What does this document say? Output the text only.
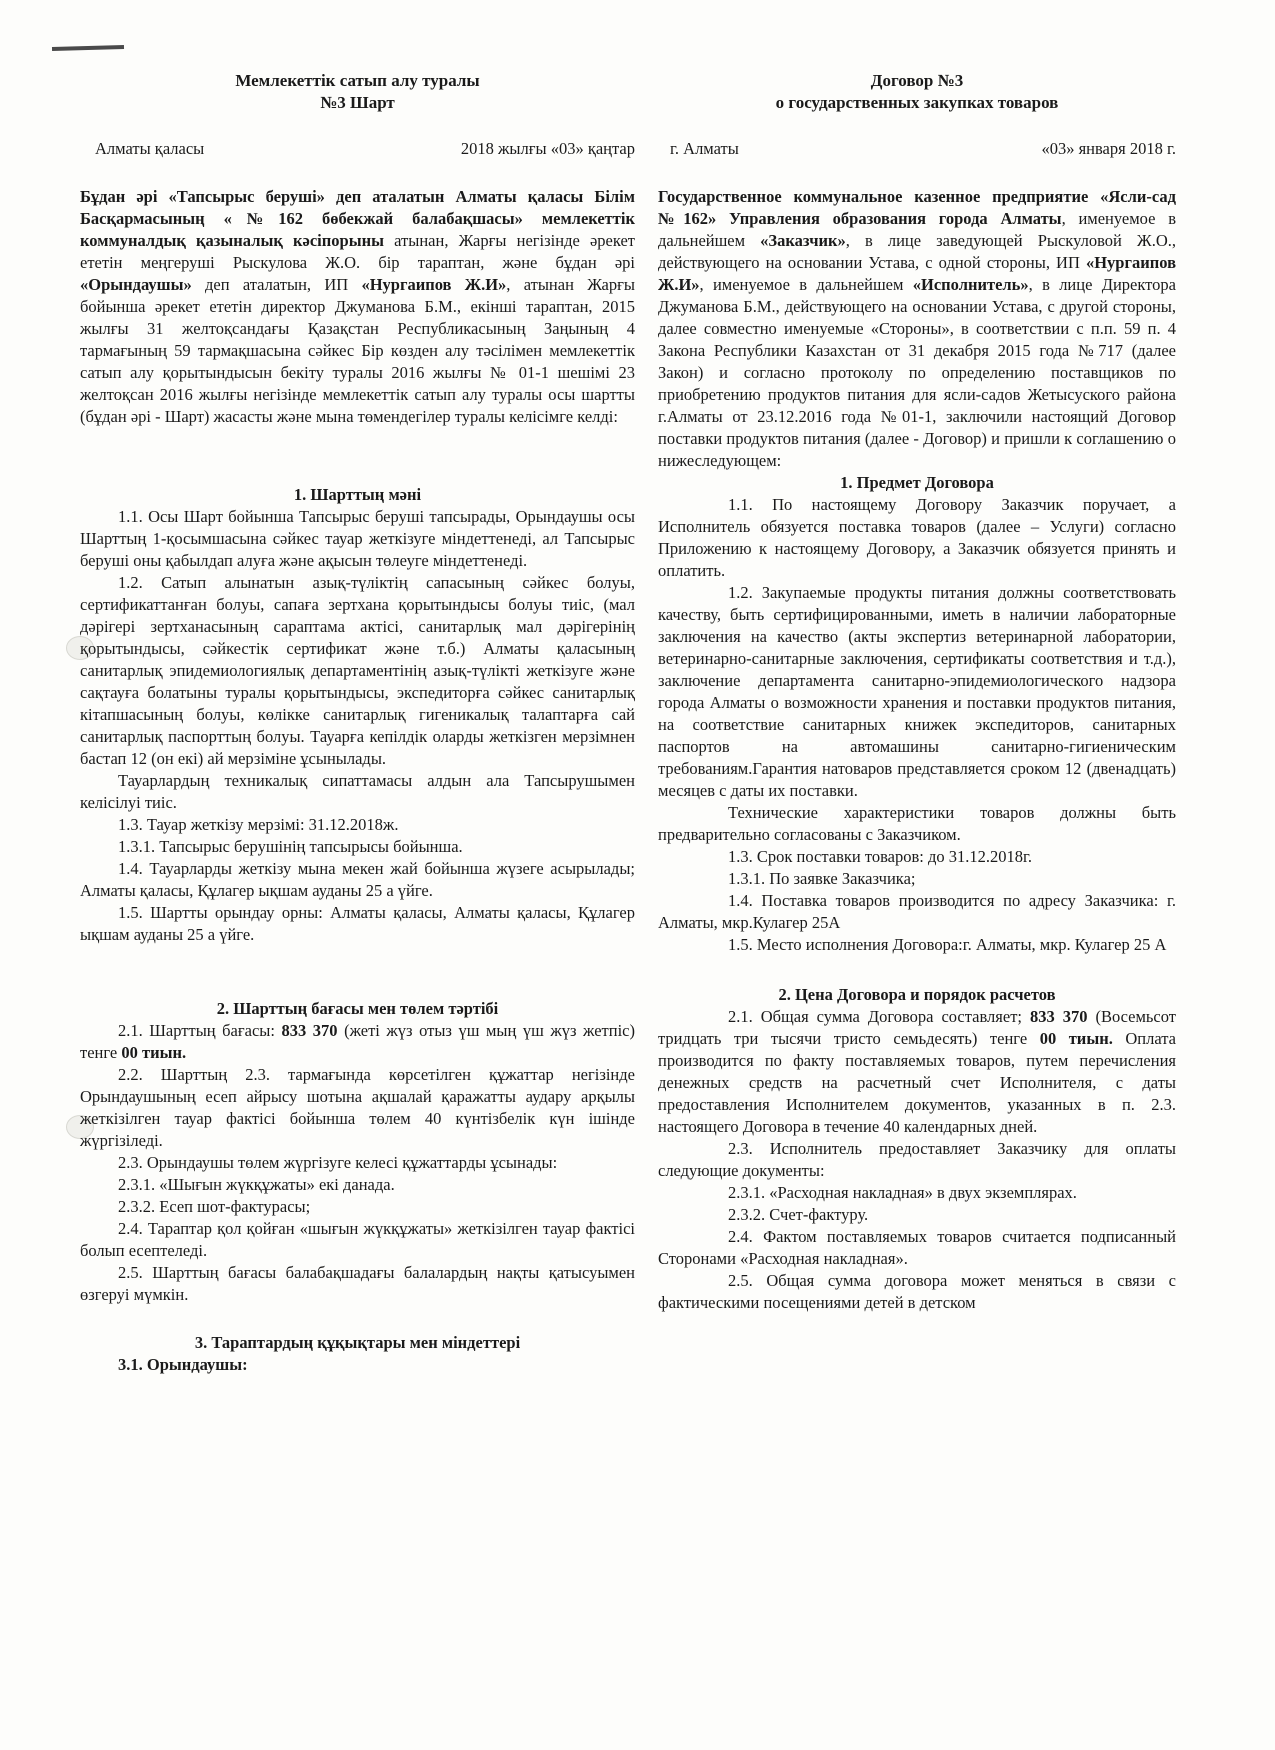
Мемлекеттік сатып алу туралы

№3 Шарт

Алматы қаласы	2018 жылғы «03» қаңтар

Бұдан әрі «Тапсырыс беруші» деп аталатын Алматы қаласы Білім Басқармасының «№162 бөбекжай балабақшасы» мемлекеттік коммуналдық қазыналық кәсіпорыны атынан, Жарғы негізінде әрекет ететін меңгеруші Рыскулова Ж.О. бір тараптан, және бұдан әрі «Орындаушы» деп аталатын, ИП «Нургаипов Ж.И», атынан Жарғы бойынша әрекет ететін директор Джуманова Б.М., екінші тараптан, 2015 жылғы 31 желтоқсандағы Қазақстан Республикасының Заңының 4 тармағының 59 тармақшасына сәйкес Бір көзден алу тәсілімен мемлекеттік сатып алу қорытындысын бекіту туралы 2016 жылғы № 01-1 шешімі 23 желтоқсан 2016 жылғы негізінде мемлекеттік сатып алу туралы осы шартты (бұдан әрі - Шарт) жасасты және мына төмендегілер туралы келісімге келді:

1. Шарттың мәні

1.1. Осы Шарт бойынша Тапсырыс беруші тапсырады, Орындаушы осы Шарттың 1-қосымшасына сәйкес тауар жеткізуге міндеттенеді, ал Тапсырыс беруші оны қабылдап алуға және ақысын төлеуге міндеттенеді.

1.2. Сатып алынатын азық-түліктің сапасының сәйкес болуы, сертификаттанған болуы, сапаға зертхана қорытындысы болуы тиіс, (мал дәрігері зертханасының сараптама актісі, санитарлық мал дәрігерінің қорытындысы, сәйкестік сертификат және т.б.) Алматы қаласының санитарлық эпидемиологиялық департаментінің азық-түлікті жеткізуге және сақтауға болатыны туралы қорытындысы, экспедиторға сәйкес санитарлық кітапшасының болуы, көлікке санитарлық гигеникалық талаптарға сай санитарлық паспорттың болуы. Тауарға кепілдік оларды жеткізген мерзімнен бастап 12 (он екі) ай мерзіміне ұсынылады.

Тауарлардың техникалық сипаттамасы алдын ала Тапсырушымен келісілуі тиіс.

1.3. Тауар жеткізу мерзімі: 31.12.2018ж.

1.3.1. Тапсырыс берушінің тапсырысы бойынша.

1.4. Тауарларды жеткізу мына мекен жай бойынша жүзеге асырылады; Алматы қаласы, Құлагер ықшам ауданы 25 а үйге.

1.5. Шартты орындау орны: Алматы қаласы, Алматы қаласы, Құлагер ықшам ауданы 25 а үйге.

2. Шарттың бағасы мен төлем тәртібі

2.1. Шарттың бағасы: 833 370 (жеті жүз отыз үш мың үш жүз жетпіс) тенге 00 тиын.

2.2. Шарттың 2.3. тармағында көрсетілген құжаттар негізінде Орындаушының есеп айрысу шотына ақшалай қаражатты аудару арқылы жеткізілген тауар фактісі бойынша төлем 40 күнтізбелік күн ішінде жүргізіледі.

2.3. Орындаушы төлем жүргізуге келесі құжаттарды ұсынады:

2.3.1. «Шығын жүкқұжаты» екі данада.

2.3.2. Есеп шот-фактурасы;

2.4. Тараптар қол қойған «шығын жүкқұжаты» жеткізілген тауар фактісі болып есептеледі.

2.5. Шарттың бағасы балабақшадағы балалардың нақты қатысуымен өзгеруі мүмкін.

3. Тараптардың құқықтары мен міндеттері

3.1. Орындаушы:

Договор №3

о государственных закупках товаров

г. Алматы	«03» января 2018 г.

Государственное коммунальное казенное предприятие «Ясли-сад №162» Управления образования города Алматы, именуемое в дальнейшем «Заказчик», в лице заведующей Рыскуловой Ж.О., действующего на основании Устава, с одной стороны, ИП «Нургаипов Ж.И», именуемое в дальнейшем «Исполнитель», в лице Директора Джуманова Б.М., действующего на основании Устава, с другой стороны, далее совместно именуемые «Стороны», в соответствии с п.п. 59 п. 4 Закона Республики Казахстан от 31 декабря 2015 года №717 (далее Закон) и согласно протоколу по определению поставщиков по приобретению продуктов питания для ясли-садов Жетысуского района г.Алматы от 23.12.2016 года №01-1, заключили настоящий Договор поставки продуктов питания (далее - Договор) и пришли к соглашению о нижеследующем:

1. Предмет Договора

1.1. По настоящему Договору Заказчик поручает, а Исполнитель обязуется поставка товаров (далее – Услуги) согласно Приложению к настоящему Договору, а Заказчик обязуется принять и оплатить.

1.2. Закупаемые продукты питания должны соответствовать качеству, быть сертифицированными, иметь в наличии лабораторные заключения на качество (акты экспертиз ветеринарной лаборатории, ветеринарно-санитарные заключения, сертификаты соответствия и т.д.), заключение департамента санитарно-эпидемиологического надзора города Алматы о возможности хранения и поставки продуктов питания, на соответствие санитарных книжек экспедиторов, санитарных паспортов на автомашины санитарно-гигиеническим требованиям.Гарантия натоваров представляется сроком 12 (двенадцать) месяцев с даты их поставки.

Технические характеристики товаров должны быть предварительно согласованы с Заказчиком.

1.3. Срок поставки товаров: до 31.12.2018г.

1.3.1. По заявке Заказчика;

1.4. Поставка товаров производится по адресу Заказчика: г. Алматы, мкр.Кулагер 25А

1.5. Место исполнения Договора:г. Алматы, мкр. Кулагер 25 А

2. Цена Договора и порядок расчетов

2.1. Общая сумма Договора составляет; 833 370 (Восемьсот тридцать три тысячи тристо семьдесять) тенге 00 тиын. Оплата производится по факту поставляемых товаров, путем перечисления денежных средств на расчетный счет Исполнителя, с даты предоставления Исполнителем документов, указанных в п. 2.3. настоящего Договора в течение 40 календарных дней.

2.3. Исполнитель предоставляет Заказчику для оплаты следующие документы:

2.3.1. «Расходная накладная» в двух экземплярах.

2.3.2. Счет-фактуру.

2.4. Фактом поставляемых товаров считается подписанный Сторонами «Расходная накладная».

2.5. Общая сумма договора может меняться в связи с фактическими посещениями детей в детском
